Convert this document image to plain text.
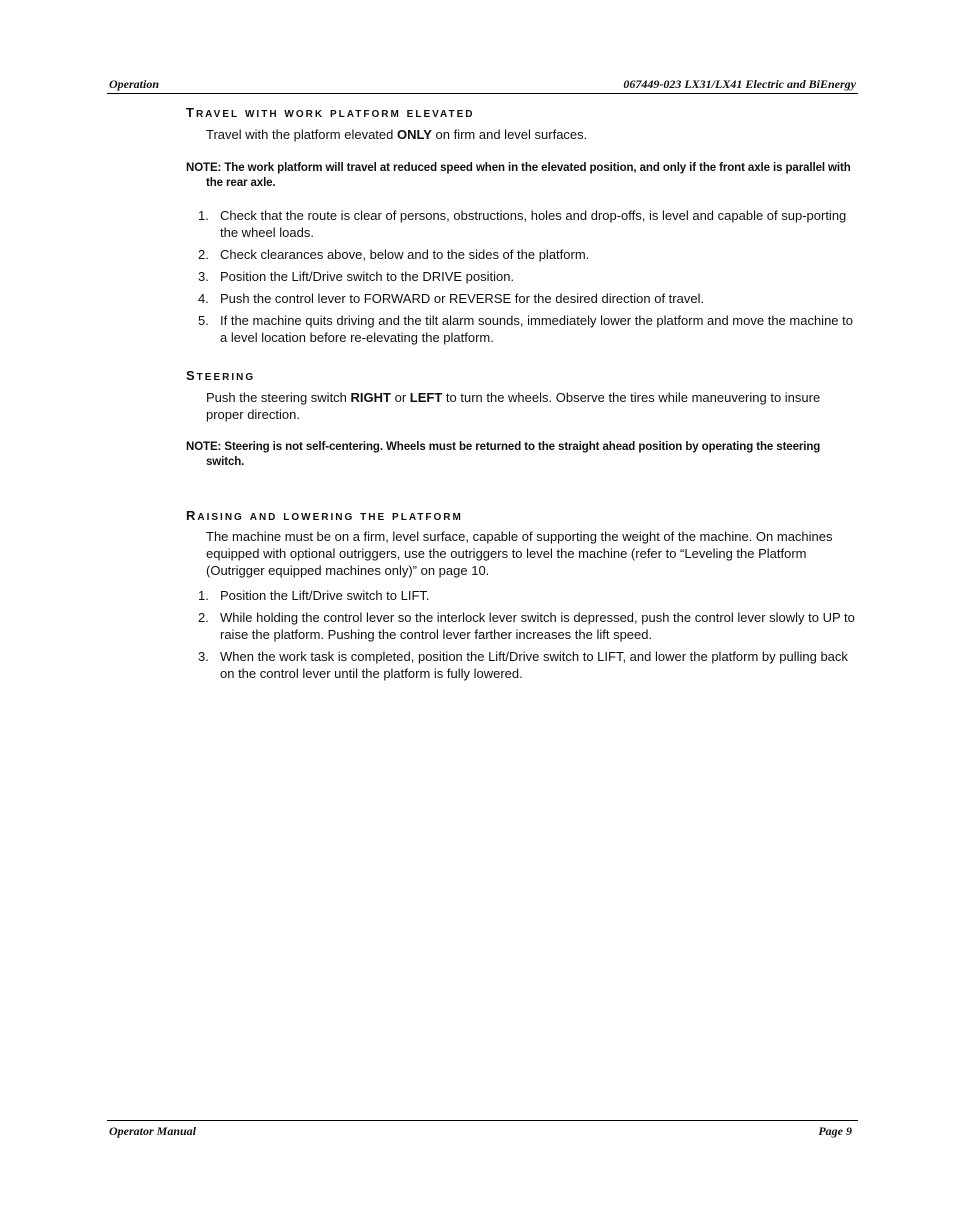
Operation	067449-023 LX31/LX41 Electric and BiEnergy
travel with work platform elevated

Travel with the platform elevated ONLY on firm and level surfaces.

NOTE: The work platform will travel at reduced speed when in the elevated position, and only if the front axle is parallel with the rear axle.

1. Check that the route is clear of persons, obstructions, holes and drop-offs, is level and capable of sup-porting the wheel loads.
2. Check clearances above, below and to the sides of the platform.
3. Position the Lift/Drive switch to the DRIVE position.
4. Push the control lever to FORWARD or REVERSE for the desired direction of travel.
5. If the machine quits driving and the tilt alarm sounds, immediately lower the platform and move the machine to a level location before re-elevating the platform.
steering

Push the steering switch RIGHT or LEFT to turn the wheels. Observe the tires while maneuvering to insure proper direction.

NOTE: Steering is not self-centering. Wheels must be returned to the straight ahead position by operating the steering switch.

raising and lowering the platform

The machine must be on a firm, level surface, capable of supporting the weight of the machine. On machines equipped with optional outriggers, use the outriggers to level the machine (refer to “Leveling the Platform (Outrigger equipped machines only)” on page 10.

1. Position the Lift/Drive switch to LIFT.
2. While holding the control lever so the interlock lever switch is depressed, push the control lever slowly to UP to raise the platform. Pushing the control lever farther increases the lift speed.
3. When the work task is completed, position the Lift/Drive switch to LIFT, and lower the platform by pulling back on the control lever until the platform is fully lowered.
Operator Manual	Page 9
